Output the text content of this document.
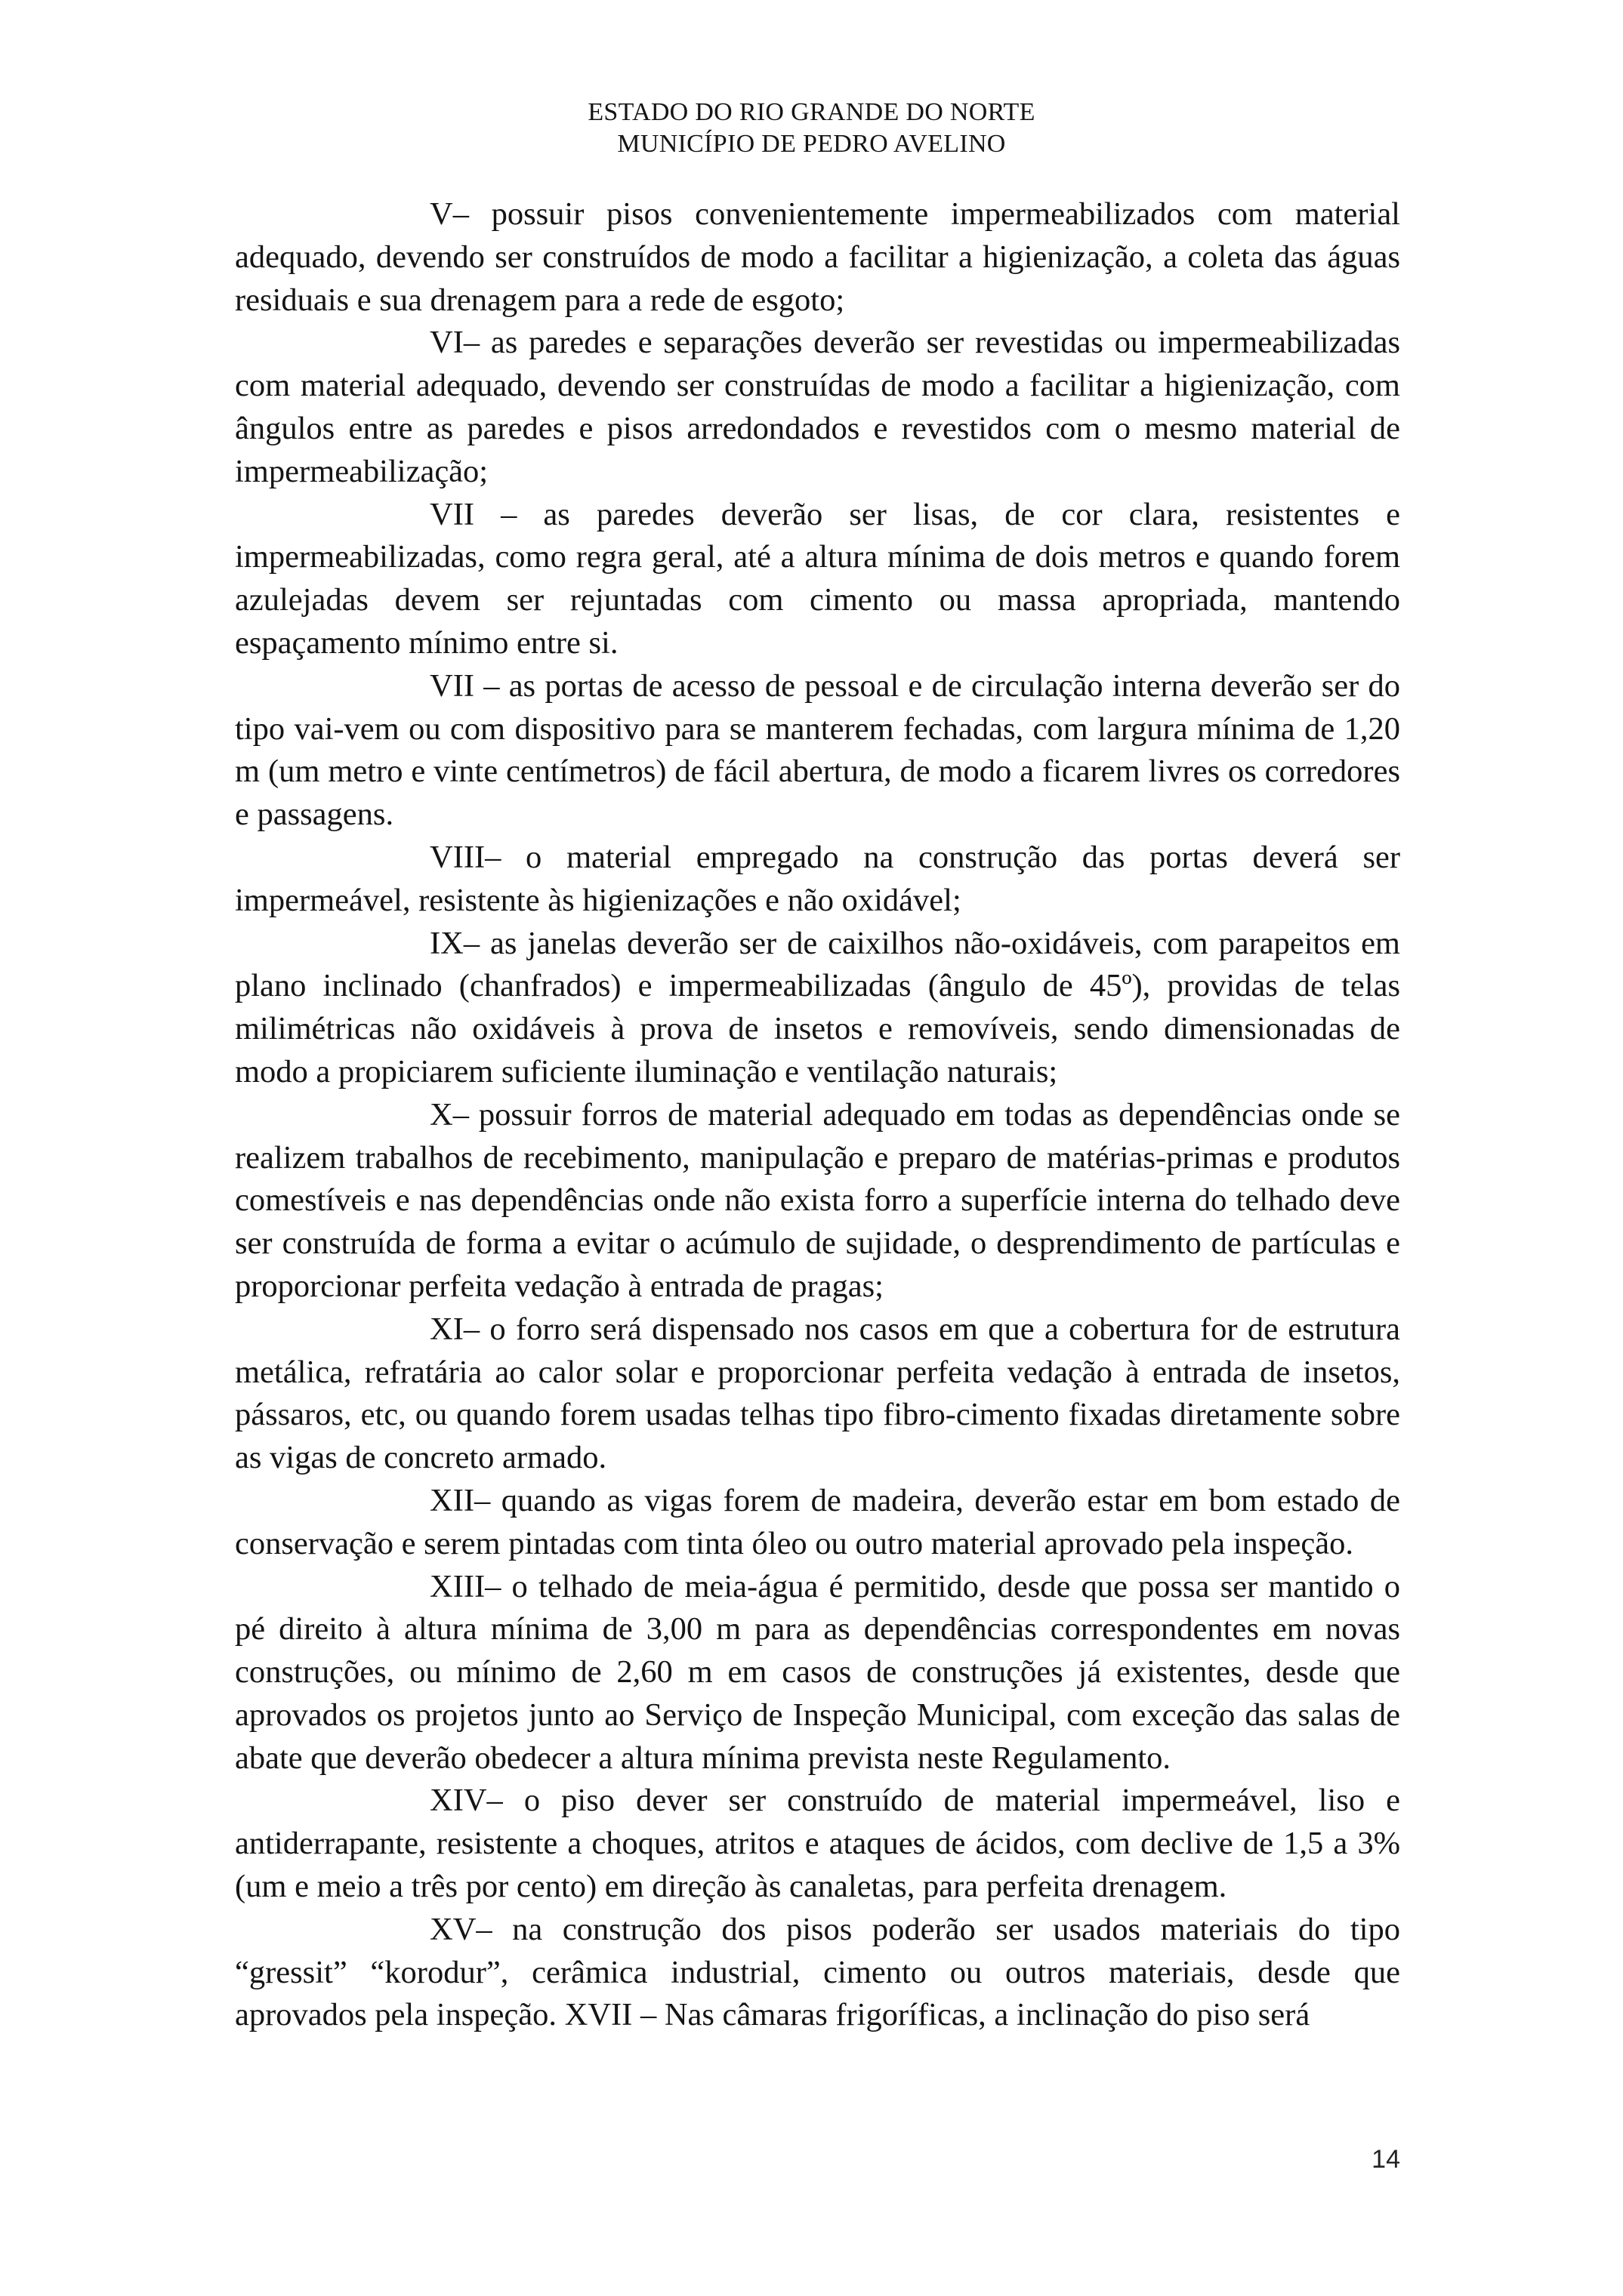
ESTADO DO RIO GRANDE DO NORTE
MUNICÍPIO DE PEDRO AVELINO

V– possuir pisos convenientemente impermeabilizados com material adequado, devendo ser construídos de modo a facilitar a higienização, a coleta das águas residuais e sua drenagem para a rede de esgoto;

VI– as paredes e separações deverão ser revestidas ou impermeabilizadas com material adequado, devendo ser construídas de modo a facilitar a higienização, com ângulos entre as paredes e pisos arredondados e revestidos com o mesmo material de impermeabilização;

VII – as paredes deverão ser lisas, de cor clara, resistentes e impermeabilizadas, como regra geral, até a altura mínima de dois metros e quando forem azulejadas devem ser rejuntadas com cimento ou massa apropriada, mantendo espaçamento mínimo entre si.

VII – as portas de acesso de pessoal e de circulação interna deverão ser do tipo vai-vem ou com dispositivo para se manterem fechadas, com largura mínima de 1,20 m (um metro e vinte centímetros) de fácil abertura, de modo a ficarem livres os corredores e passagens.

VIII– o material empregado na construção das portas deverá ser impermeável, resistente às higienizações e não oxidável;

IX– as janelas deverão ser de caixilhos não-oxidáveis, com parapeitos em plano inclinado (chanfrados) e impermeabilizadas (ângulo de 45º), providas de telas milimétricas não oxidáveis à prova de insetos e removíveis, sendo dimensionadas de modo a propiciarem suficiente iluminação e ventilação naturais;

X– possuir forros de material adequado em todas as dependências onde se realizem trabalhos de recebimento, manipulação e preparo de matérias-primas e produtos comestíveis e nas dependências onde não exista forro a superfície interna do telhado deve ser construída de forma a evitar o acúmulo de sujidade, o desprendimento de partículas e proporcionar perfeita vedação à entrada de pragas;

XI– o forro será dispensado nos casos em que a cobertura for de estrutura metálica, refratária ao calor solar e proporcionar perfeita vedação à entrada de insetos, pássaros, etc, ou quando forem usadas telhas tipo fibro-cimento fixadas diretamente sobre as vigas de concreto armado.

XII– quando as vigas forem de madeira, deverão estar em bom estado de conservação e serem pintadas com tinta óleo ou outro material aprovado pela inspeção.

XIII– o telhado de meia-água é permitido, desde que possa ser mantido o pé direito à altura mínima de 3,00 m para as dependências correspondentes em novas construções, ou mínimo de 2,60 m em casos de construções já existentes, desde que aprovados os projetos junto ao Serviço de Inspeção Municipal, com exceção das salas de abate que deverão obedecer a altura mínima prevista neste Regulamento.

XIV– o piso dever ser construído de material impermeável, liso e antiderrapante, resistente a choques, atritos e ataques de ácidos, com declive de 1,5 a 3% (um e meio a três por cento) em direção às canaletas, para perfeita drenagem.

XV– na construção dos pisos poderão ser usados materiais do tipo “gressit” “korodur”, cerâmica industrial, cimento ou outros materiais, desde que aprovados pela inspeção. XVII – Nas câmaras frigoríficas, a inclinação do piso será

14
